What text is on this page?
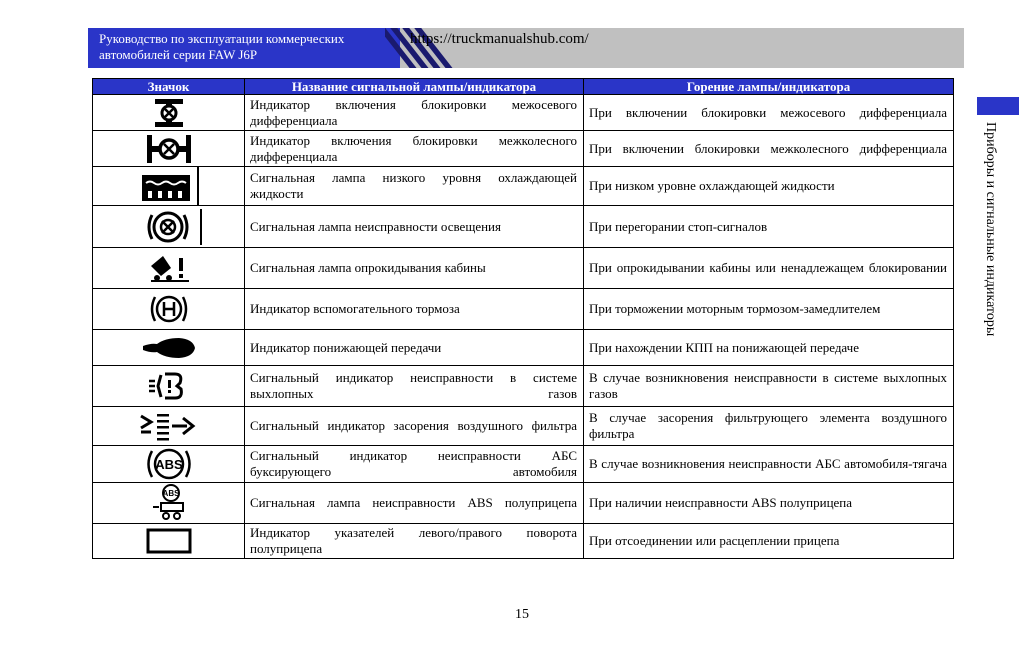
Руководство по эксплуатации коммерческих автомобилей серии FAW J6P
https://truckmanualshub.com/
Приборы и сигнальные индикаторы
Значок	Название сигнальной лампы/индикатора	Горение лампы/индикатора

	Индикатор включения блокировки межосевого дифференциала	При включении блокировки межосевого дифференциала

	Индикатор включения блокировки межколесного дифференциала	При включении блокировки межколесного дифференциала

	Сигнальная лампа низкого уровня охлаждающей жидкости	При низком уровне охлаждающей жидкости

	Сигнальная лампа неисправности освещения	При перегорании стоп-сигналов

	Сигнальная лампа опрокидывания кабины	При опрокидывании кабины или ненадлежащем блокировании

	Индикатор вспомогательного тормоза	При торможении моторным тормозом-замедлителем

	Индикатор понижающей передачи	При нахождении КПП на понижающей передаче

	Сигнальный индикатор неисправности в системе выхлопных газов	В случае возникновения неисправности в системе выхлопных газов

	Сигнальный индикатор засорения воздушного фильтра	В случае засорения фильтрующего элемента воздушного фильтра

ABS	Сигнальный индикатор неисправности АБС буксирующего автомобиля	В случае возникновения неисправности АБС автомобиля-тягача

ABS	Сигнальная лампа неисправности ABS полуприцепа	При наличии неисправности ABS полуприцепа

	Индикатор указателей левого/правого поворота полуприцепа	При отсоединении или расцеплении прицепа
15
